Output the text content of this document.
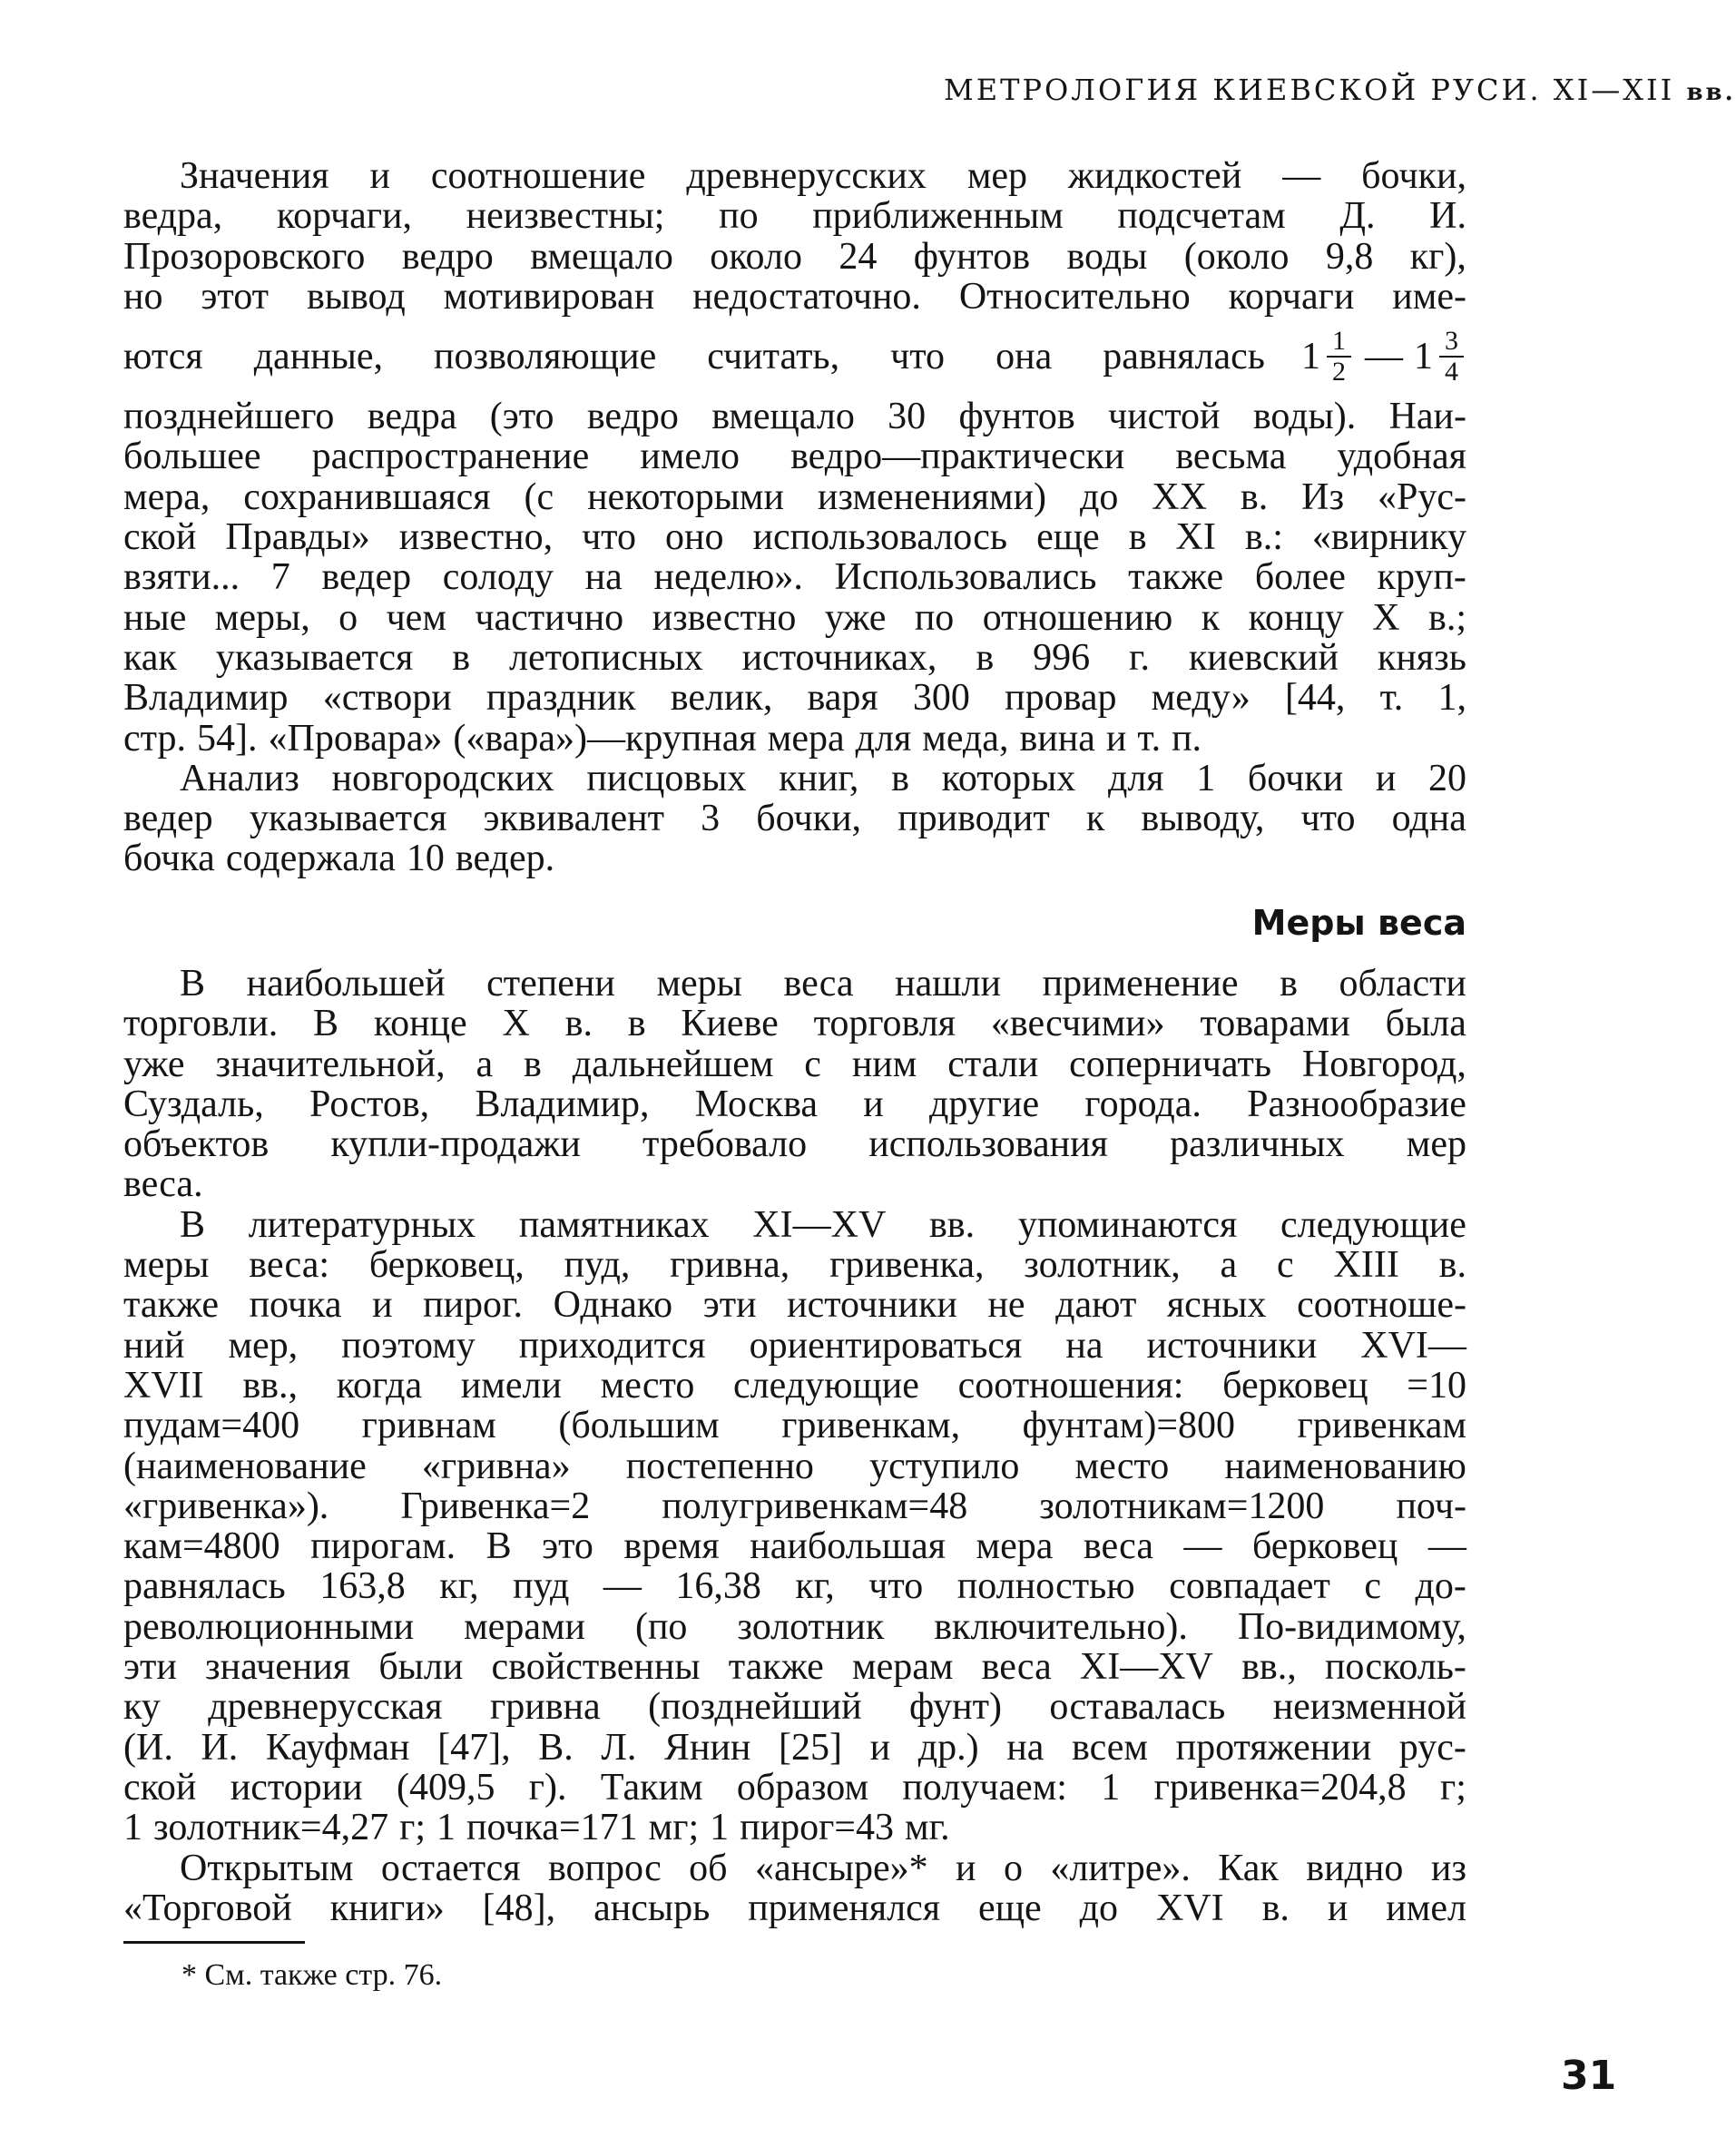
МЕТРОЛОГИЯ КИЕВСКОЙ РУСИ. XI—XII вв.
Значения и соотношение древнерусских мер жидкостей — бочки,
ведра, корчаги, неизвестны; по приближенным подсчетам Д. И.
Прозоровского ведро вмещало около 24 фунтов воды (около 9,8 кг),
но этот вывод мотивирован недостаточно. Относительно корчаги име-
ются данные, позволяющие считать, что она равнялась $1 \frac{1}{2}$ — $1 \frac{3}{4}$
позднейшего ведра (это ведро вмещало 30 фунтов чистой воды). Наи-
большее распространение имело ведро—практически весьма удобная
мера, сохранившаяся (с некоторыми изменениями) до XX в. Из «Рус-
ской Правды» известно, что оно использовалось еще в XI в.: «вирнику
взяти... 7 ведер солоду на неделю». Использовались также более круп-
ные меры, о чем частично известно уже по отношению к концу X в.;
как указывается в летописных источниках, в 996 г. киевский князь
Владимир «створи праздник велик, варя 300 провар меду» [44, т. 1,
стр. 54]. «Провара» («вара»)—крупная мера для меда, вина и т. п.
Анализ новгородских писцовых книг, в которых для 1 бочки и 20
ведер указывается эквивалент 3 бочки, приводит к выводу, что одна
бочка содержала 10 ведер.
Меры веса
В наибольшей степени меры веса нашли применение в области
торговли. В конце X в. в Киеве торговля «весчими» товарами была
уже значительной, а в дальнейшем с ним стали соперничать Новгород,
Суздаль, Ростов, Владимир, Москва и другие города. Разнообразие
объектов купли-продажи требовало использования различных мер
веса.
В литературных памятниках XI—XV вв. упоминаются следующие
меры веса: берковец, пуд, гривна, гривенка, золотник, а с XIII в.
также почка и пирог. Однако эти источники не дают ясных соотноше-
ний мер, поэтому приходится ориентироваться на источники XVI—
XVII вв., когда имели место следующие соотношения: берковец =10
пудам=400 гривнам (большим гривенкам, фунтам)=800 гривенкам
(наименование «гривна» постепенно уступило место наименованию
«гривенка»). Гривенка=2 полугривенкам=48 золотникам=1200 поч-
кам=4800 пирогам. В это время наибольшая мера веса — берковец —
равнялась 163,8 кг, пуд — 16,38 кг, что полностью совпадает с до-
революционными мерами (по золотник включительно). По-видимому,
эти значения были свойственны также мерам веса XI—XV вв., посколь-
ку древнерусская гривна (позднейший фунт) оставалась неизменной
(И. И. Кауфман [47], В. Л. Янин [25] и др.) на всем протяжении рус-
ской истории (409,5 г). Таким образом получаем: 1 гривенка=204,8 г;
1 золотник=4,27 г; 1 почка=171 мг; 1 пирог=43 мг.
Открытым остается вопрос об «ансыре»* и о «литре». Как видно из
«Торговой книги» [48], ансырь применялся еще до XVI в. и имел
* См. также стр. 76.
31
